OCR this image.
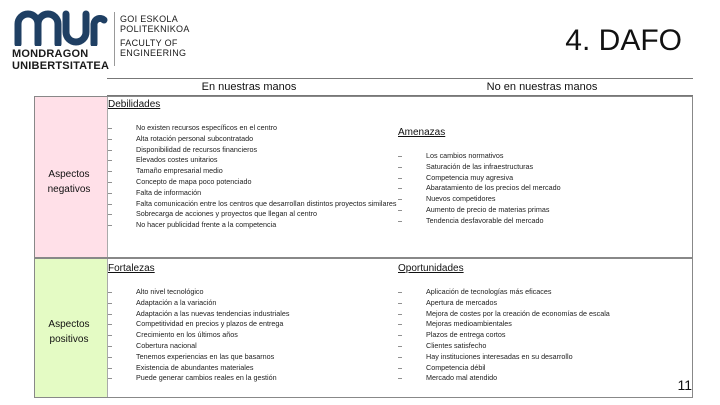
MONDRAGON
UNIBERTSITATEA
GOI ESKOLA
POLITEKNIKOA
FACULTY OF
ENGINEERING	4. DAFO
En nuestras manos	No en nuestras manos
Aspectos negativos
Debilidades
– No existen recursos específicos en el centro
– Alta rotación personal subcontratado
– Disponibilidad de recursos financieros
– Elevados costes unitarios
– Tamaño empresarial medio
– Concepto de mapa poco potenciado
– Falta de información
– Falta comunicación entre los centros que desarrollan distintos proyectos similares
– Sobrecarga de acciones y proyectos que llegan al centro
– No hacer publicidad frente a la competencia
Amenazas
– Los cambios normativos
– Saturación de las infraestructuras
– Competencia muy agresiva
– Abaratamiento de los precios del mercado
– Nuevos competidores
– Aumento de precio de materias primas
– Tendencia desfavorable del mercado
Aspectos positivos
Fortalezas
– Alto nivel tecnológico
– Adaptación a la variación
– Adaptación a las nuevas tendencias industriales
– Competitividad en precios y plazos de entrega
– Crecimiento en los últimos años
– Cobertura nacional
– Tenemos experiencias en las que basarnos
– Existencia de abundantes materiales
– Puede generar cambios reales en la gestión
Oportunidades
– Aplicación de tecnologías más eficaces
– Apertura de mercados
– Mejora de costes por la creación de economías de escala
– Mejoras medioambientales
– Plazos de entrega cortos
– Clientes satisfecho
– Hay instituciones interesadas en su desarrollo
– Competencia débil
– Mercado mal atendido	11
